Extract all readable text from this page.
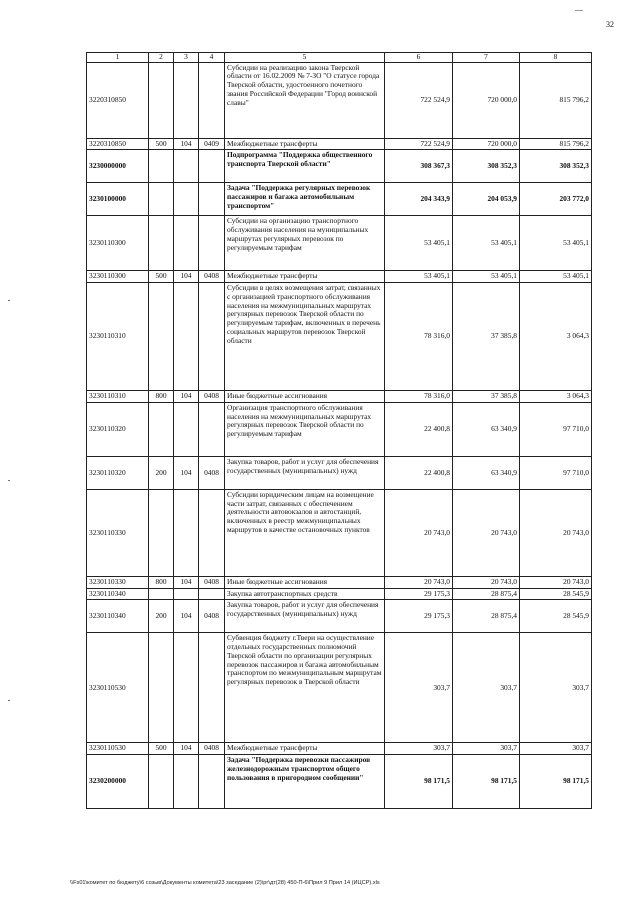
32
1	2	3	4	5	6	7	8
3220310850				Субсидии на реализацию закона Тверской области от 16.02.2009 № 7-ЗО "О статусе города Тверской области, удостоенного почетного звания Российской Федерации "Город воинской славы"	722 524,9	720 000,0	815 796,2
3220310850	500	104	0409	Межбюджетные трансферты	722 524,9	720 000,0	815 796,2
3230000000				Подпрограмма "Поддержка общественного транспорта Тверской области"	308 367,3	308 352,3	308 352,3
3230100000				Задача "Поддержка регулярных перевозок пассажиров и багажа автомобильным транспортом"	204 343,9	204 053,9	203 772,0
3230110300				Субсидии на организацию транспортного обслуживания населения на муниципальных маршрутах регулярных перевозок по регулируемым тарифам	53 405,1	53 405,1	53 405,1
3230110300	500	104	0408	Межбюджетные трансферты	53 405,1	53 405,1	53 405,1
3230110310				Субсидии в целях возмещения затрат, связанных с организацией транспортного обслуживания населения на межмуниципальных маршрутах регулярных перевозок Тверской области по регулируемым тарифам, включенных в перечень социальных маршрутов перевозок Тверской области	78 316,0	37 385,8	3 064,3
3230110310	800	104	0408	Иные бюджетные ассигнования	78 316,0	37 385,8	3 064,3
3230110320				Организация транспортного обслуживания населения на межмуниципальных маршрутах регулярных перевозок Тверской области по регулируемым тарифам	22 400,8	63 340,9	97 710,0
3230110320	200	104	0408	Закупка товаров, работ и услуг для обеспечения государственных (муниципальных) нужд	22 400,8	63 340,9	97 710,0
3230110330				Субсидии юридическим лицам на возмещение части затрат, связанных с обеспечением деятельности автовокзалов и автостанций, включенных в реестр межмуниципальных маршрутов в качестве остановочных пунктов	20 743,0	20 743,0	20 743,0
3230110330	800	104	0408	Иные бюджетные ассигнования	20 743,0	20 743,0	20 743,0
3230110340				Закупка автотранспортных средств	29 175,3	28 875,4	28 545,9
3230110340	200	104	0408	Закупка товаров, работ и услуг для обеспечения государственных (муниципальных) нужд	29 175,3	28 875,4	28 545,9
3230110530				Субвенция бюджету г.Твери на осуществление отдельных государственных полномочий Тверской области по организации регулярных перевозок пассажиров и багажа автомобильным транспортом по межмуниципальным маршрутам регулярных перевозок в Тверской области	303,7	303,7	303,7
3230110530	500	104	0408	Межбюджетные трансферты	303,7	303,7	303,7
3230200000				Задача "Поддержка перевозки пассажиров железнодорожным транспортом общего пользования в пригородном сообщении"	98 171,5	98 171,5	98 171,5
\\Fs01\комитет по бюджету\6 созыв\Документы комитета\23 заседание (2)\рг\дт(28) 450-П-6\Прил 9 Прил 14 (ИЦСР).xls
